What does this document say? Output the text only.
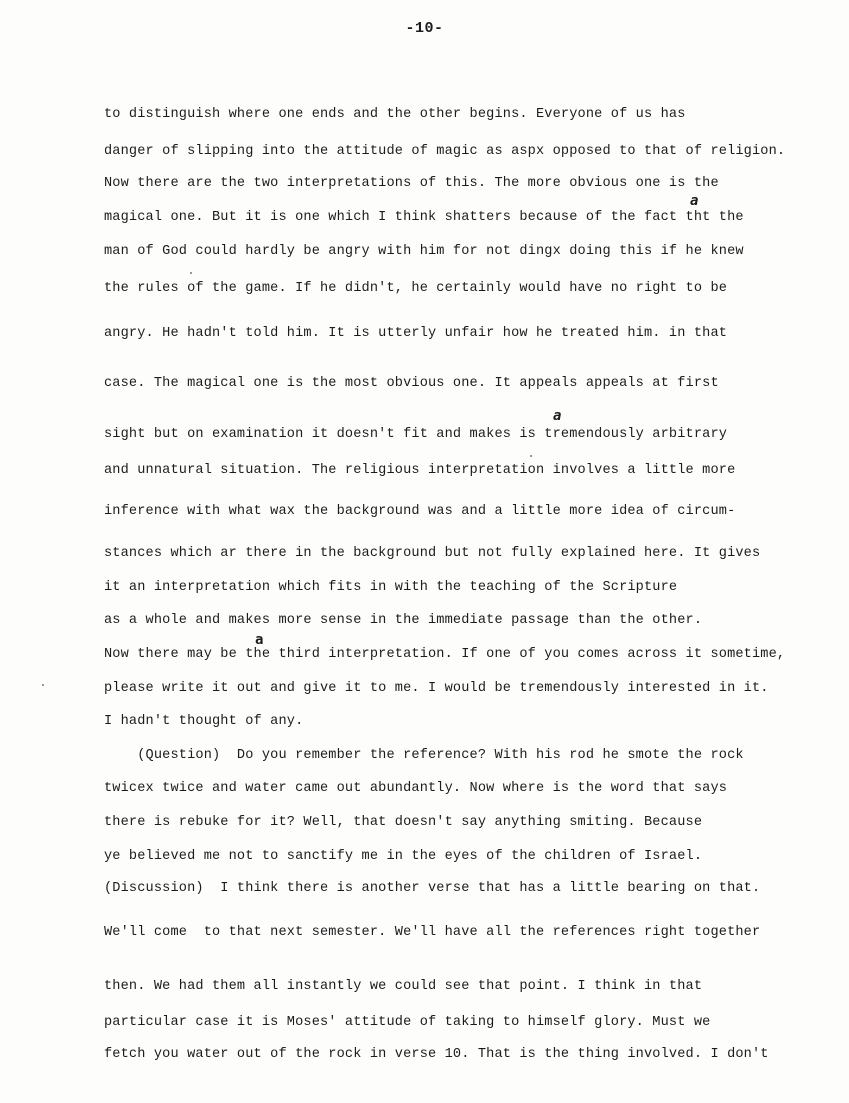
-10-
to distinguish where one ends and the other begins. Everyone of us has
danger of slipping into the attitude of magic as aspx opposed to that of religion.
Now there are the two interpretations of this. The more obvious one is the
magical one. But it is one which I think shatters because of the fact tht the
man of God could hardly be angry with him for not dingx doing this if he knew
the rules of the game. If he didn't, he certainly would have no right to be
angry. He hadn't told him. It is utterly unfair how he treated him. in that
case. The magical one is the most obvious one. It appeals appeals at first
sight but on examination it doesn't fit and makes is tremendously arbitrary
and unnatural situation. The religious interpretation involves a little more
inference with what wax the background was and a little more idea of circum-
stances which ar there in the background but not fully explained here. It gives
it an interpretation which fits in with the teaching of the Scripture
as a whole and makes more sense in the immediate passage than the other.
Now there may be the third interpretation. If one of you comes across it sometime,
please write it out and give it to me. I would be tremendously interested in it.
I hadn't thought of any.
(Question)  Do you remember the reference? With his rod he smote the rock
twicex twice and water came out abundantly. Now where is the word that says
there is rebuke for it? Well, that doesn't say anything smiting. Because
ye believed me not to sanctify me in the eyes of the children of Israel.
(Discussion)  I think there is another verse that has a little bearing on that.
We'll come  to that next semester. We'll have all the references right together
then. We had them all instantly we could see that point. I think in that
particular case it is Moses' attitude of taking to himself glory. Must we
fetch you water out of the rock in verse 10. That is the thing involved. I don't
a
a
a
